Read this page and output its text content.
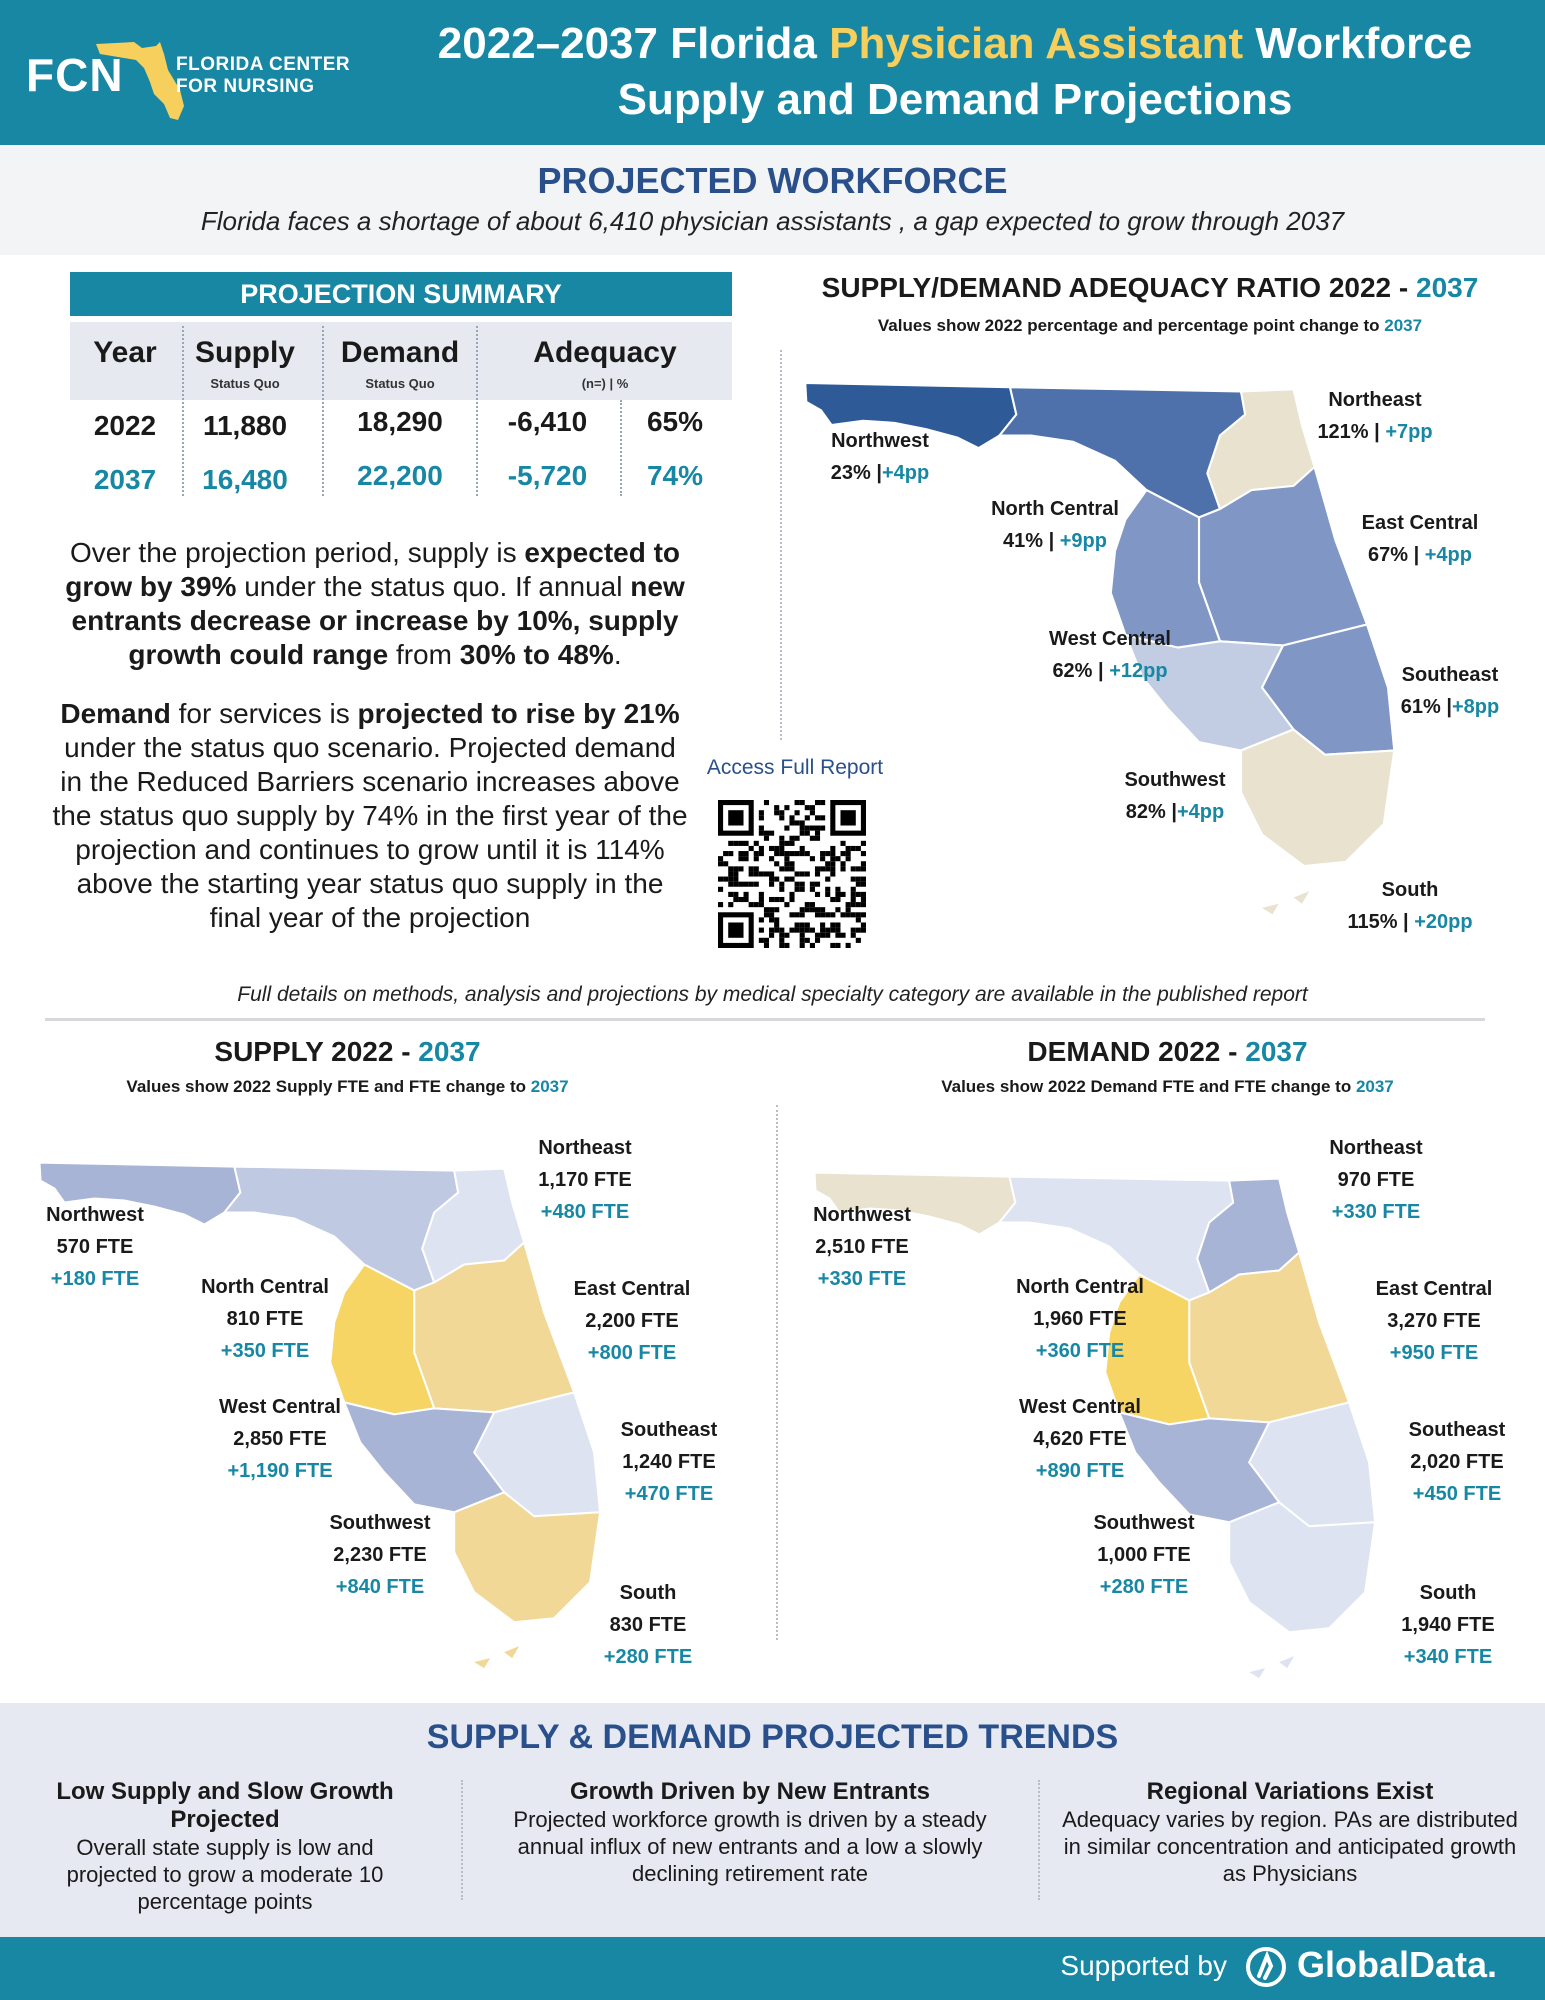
FCN	FLORIDA CENTER
FOR NURSING
2022–2037 Florida Physician Assistant Workforce
Supply and Demand Projections
PROJECTED WORKFORCE
Florida faces a shortage of about 6,410 physician assistants , a gap expected to grow through 2037
PROJECTION SUMMARY
Year	Supply
Status Quo
Demand
Status Quo
Adequacy
(n=) | %
2022	11,880	18,290	-6,410	65%
2037	16,480	22,200	-5,720	74%
Over the projection period, supply is expected to grow by 39% under the status quo. If annual new entrants decrease or increase by 10%, supply growth could range from 30% to 48%.
Demand for services is projected to rise by 21% under the status quo scenario. Projected demand in the Reduced Barriers scenario increases above the status quo supply by 74% in the first year of the projection and continues to grow until it is 114% above the starting year status quo supply in the final year of the projection
Access Full Report
SUPPLY/DEMAND ADEQUACY RATIO 2022 - 2037
Values show 2022 percentage and percentage point change to 2037
Northwest
23% |+4pp
North Central
41% | +9pp
Northeast
121% | +7pp
East Central
67% | +4pp
West Central
62% | +12pp	Southeast
61% |+8pp
Southwest
82% |+4pp
South
115% | +20pp
Full details on methods, analysis and projections by medical specialty category are available in the published report
SUPPLY 2022 - 2037
Values show 2022 Supply FTE and FTE change to 2037
Northwest
570 FTE
+180 FTE	North Central
810 FTE
+350 FTE
Northeast
1,170 FTE
+480 FTE
East Central
2,200 FTE
+800 FTE
West Central
2,850 FTE
+1,190 FTE
Southeast
1,240 FTE
+470 FTE
Southwest
2,230 FTE
+840 FTE	South
830 FTE
+280 FTE
DEMAND 2022 - 2037
Values show 2022 Demand FTE and FTE change to 2037
Northwest
2,510 FTE
+330 FTE	North Central
1,960 FTE
+360 FTE
Northeast
970 FTE
+330 FTE
East Central
3,270 FTE
+950 FTE
West Central
4,620 FTE
+890 FTE
Southeast
2,020 FTE
+450 FTE
Southwest
1,000 FTE
+280 FTE	South
1,940 FTE
+340 FTE
SUPPLY & DEMAND PROJECTED TRENDS
Low Supply and Slow Growth Projected
Overall state supply is low and projected to grow a moderate 10 percentage points
Growth Driven by New Entrants
Projected workforce growth is driven by a steady annual influx of new entrants and a low a slowly declining retirement rate
Regional Variations Exist
Adequacy varies by region. PAs are distributed in similar concentration and anticipated growth as Physicians
Supported by GlobalData.
